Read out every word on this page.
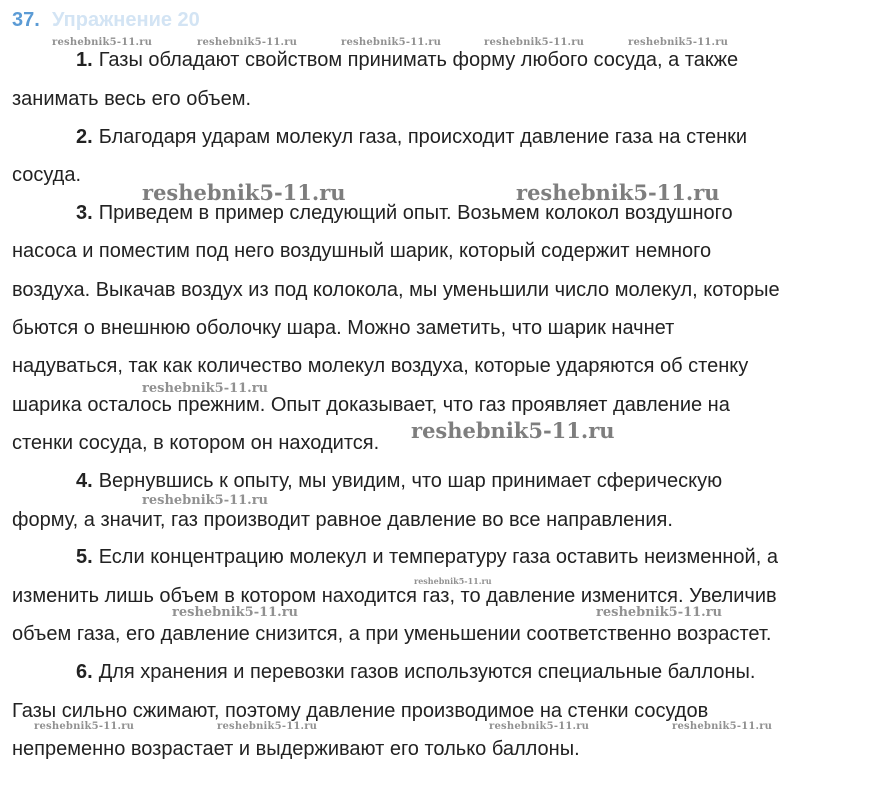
37. Упражнение 20
1. Газы обладают свойством принимать форму любого сосуда, а также
занимать весь его объем.
2. Благодаря ударам молекул газа, происходит давление газа на стенки
сосуда.
3. Приведем в пример следующий опыт. Возьмем колокол воздушного
насоса и поместим под него воздушный шарик, который содержит немного
воздуха. Выкачав воздух из под колокола, мы уменьшили число молекул, которые
бьются о внешнюю оболочку шара. Можно заметить, что шарик начнет
надуваться, так как количество молекул воздуха, которые ударяются об стенку
шарика осталось прежним. Опыт доказывает, что газ проявляет давление на
стенки сосуда, в котором он находится.
4. Вернувшись к опыту, мы увидим, что шар принимает сферическую
форму, а значит, газ производит равное давление во все направления.
5. Если концентрацию молекул и температуру газа оставить неизменной, а
изменить лишь объем в котором находится газ, то давление изменится. Увеличив
объем газа, его давление снизится, а при уменьшении соответственно возрастет.
6. Для хранения и перевозки газов используются специальные баллоны.
Газы сильно сжимают, поэтому давление производимое на стенки сосудов
непременно возрастает и выдерживают его только баллоны.
reshebnik5-11.ru	reshebnik5-11.ru	reshebnik5-11.ru	reshebnik5-11.ru	reshebnik5-11.ru
reshebnik5-11.ru	reshebnik5-11.ru
reshebnik5-11.ru
reshebnik5-11.ru
reshebnik5-11.ru
reshebnik5-11.ru
reshebnik5-11.ru	reshebnik5-11.ru
reshebnik5-11.ru	reshebnik5-11.ru	reshebnik5-11.ru	reshebnik5-11.ru
